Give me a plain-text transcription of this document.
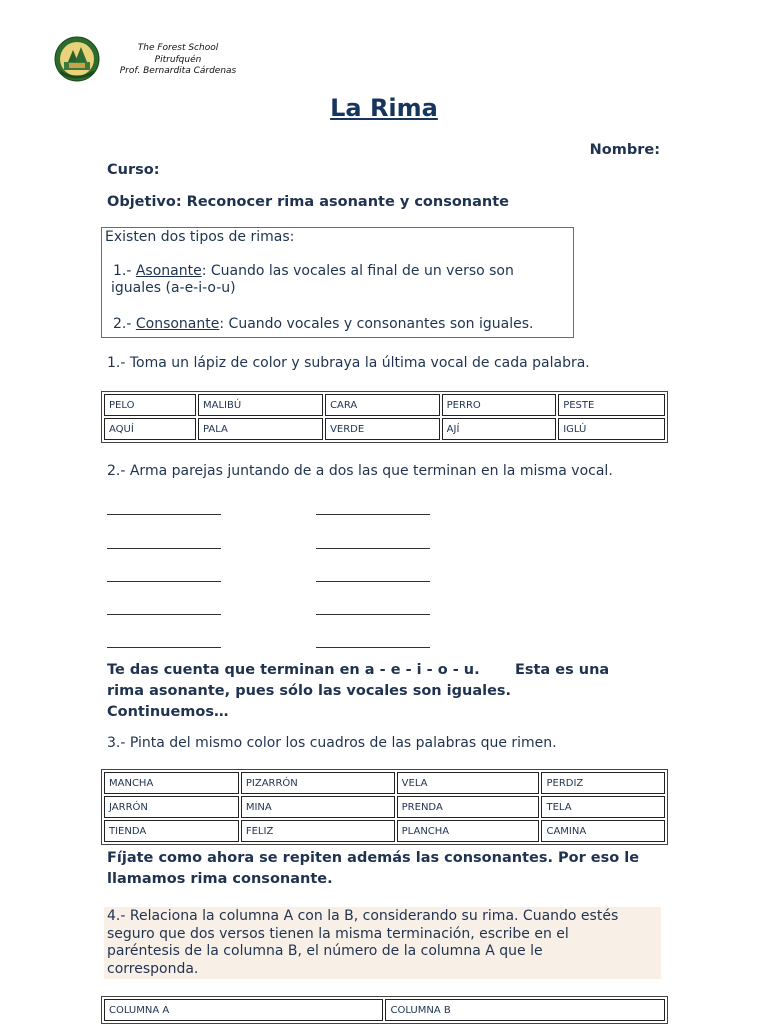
The Forest School
Pitrufquén
Prof. Bernardita Cárdenas
La Rima
Nombre:
Curso:
Objetivo: Reconocer rima asonante y consonante
Existen dos tipos de rimas:
1.- Asonante: Cuando las vocales al final de un verso son
iguales (a-e-i-o-u)
2.- Consonante: Cuando vocales y consonantes son iguales.
1.- Toma un lápiz de color y subraya la última vocal de cada palabra.
PELO	MALIBÚ	CARA	PERRO	PESTE
AQUÍ	PALA	VERDE	AJÍ	IGLÚ
2.- Arma parejas juntando de a dos las que terminan en la misma vocal.
Te das cuenta que terminan en a - e - i - o - u.       Esta es una
rima asonante, pues sólo las vocales son iguales.
Continuemos…
3.- Pinta del mismo color los cuadros de las palabras que rimen.
MANCHA	PIZARRÓN	VELA	PERDIZ
JARRÓN	MINA	PRENDA	TELA
TIENDA	FELIZ	PLANCHA	CAMINA
Fíjate como ahora se repiten además las consonantes. Por eso le
llamamos rima consonante.
4.- Relaciona la columna A con la B, considerando su rima. Cuando estés
seguro que dos versos tienen la misma terminación, escribe en el
paréntesis de la columna B, el número de la columna A que le
corresponda.
COLUMNA A	COLUMNA B
